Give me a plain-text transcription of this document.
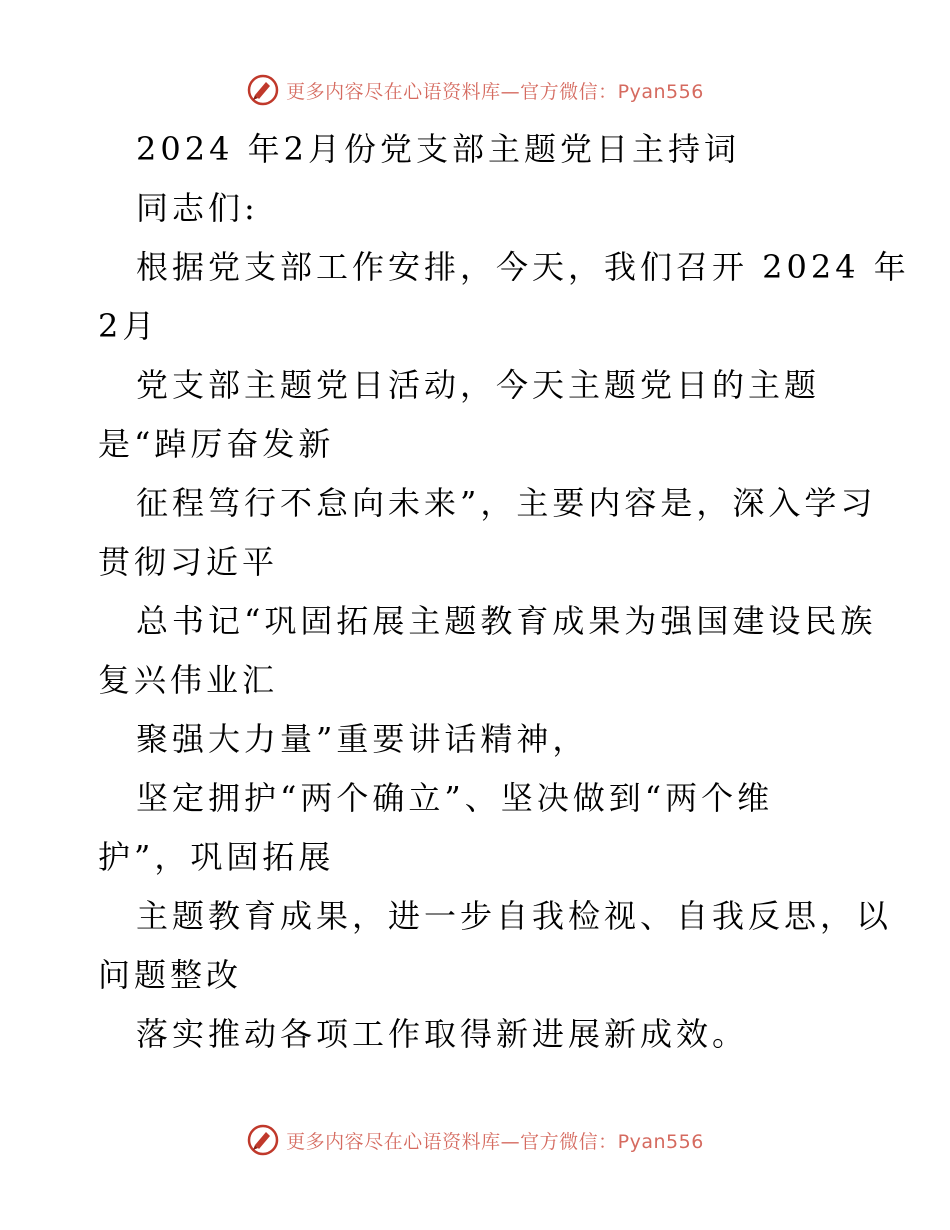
更多内容尽在心语资料库—官方微信：Pyan556
2024 年2月份党支部主题党日主持词
同志们:
根据党支部工作安排，今天，我们召开 2024 年
2月
党支部主题党日活动，今天主题党日的主题
是“踔厉奋发新
征程笃行不怠向未来”，主要内容是，深入学习
贯彻习近平
总书记“巩固拓展主题教育成果为强国建设民族
复兴伟业汇
聚强大力量”重要讲话精神，
坚定拥护“两个确立”、坚决做到“两个维
护”，巩固拓展
主题教育成果，进一步自我检视、自我反思，以
问题整改
落实推动各项工作取得新进展新成效。
更多内容尽在心语资料库—官方微信：Pyan556
